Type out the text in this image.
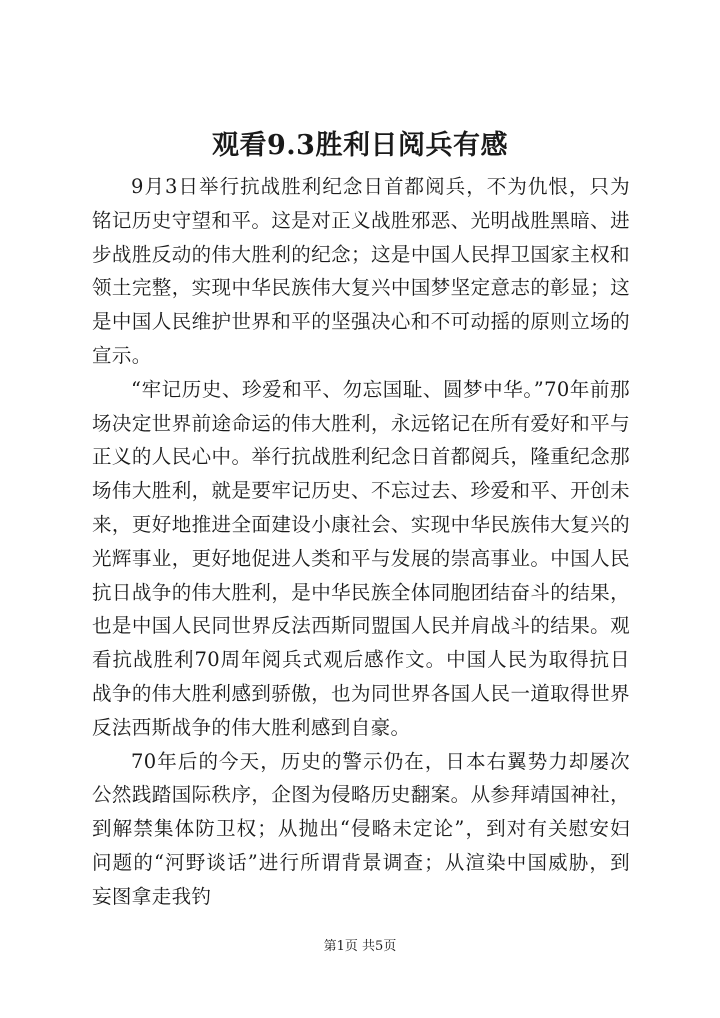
观看9.3胜利日阅兵有感

9月3日举行抗战胜利纪念日首都阅兵，不为仇恨，只为铭记历史守望和平。这是对正义战胜邪恶、光明战胜黑暗、进步战胜反动的伟大胜利的纪念；这是中国人民捍卫国家主权和领土完整，实现中华民族伟大复兴中国梦坚定意志的彰显；这是中国人民维护世界和平的坚强决心和不可动摇的原则立场的宣示。

“牢记历史、珍爱和平、勿忘国耻、圆梦中华。”70年前那场决定世界前途命运的伟大胜利，永远铭记在所有爱好和平与正义的人民心中。举行抗战胜利纪念日首都阅兵，隆重纪念那场伟大胜利，就是要牢记历史、不忘过去、珍爱和平、开创未来，更好地推进全面建设小康社会、实现中华民族伟大复兴的光辉事业，更好地促进人类和平与发展的崇高事业。中国人民抗日战争的伟大胜利，是中华民族全体同胞团结奋斗的结果，也是中国人民同世界反法西斯同盟国人民并肩战斗的结果。观看抗战胜利70周年阅兵式观后感作文。中国人民为取得抗日战争的伟大胜利感到骄傲，也为同世界各国人民一道取得世界反法西斯战争的伟大胜利感到自豪。

70年后的今天，历史的警示仍在，日本右翼势力却屡次公然践踏国际秩序，企图为侵略历史翻案。从参拜靖国神社，到解禁集体防卫权；从抛出“侵略未定论”，到对有关慰安妇问题的“河野谈话”进行所谓背景调查；从渲染中国威胁，到妄图拿走我钓

第1页 共5页
